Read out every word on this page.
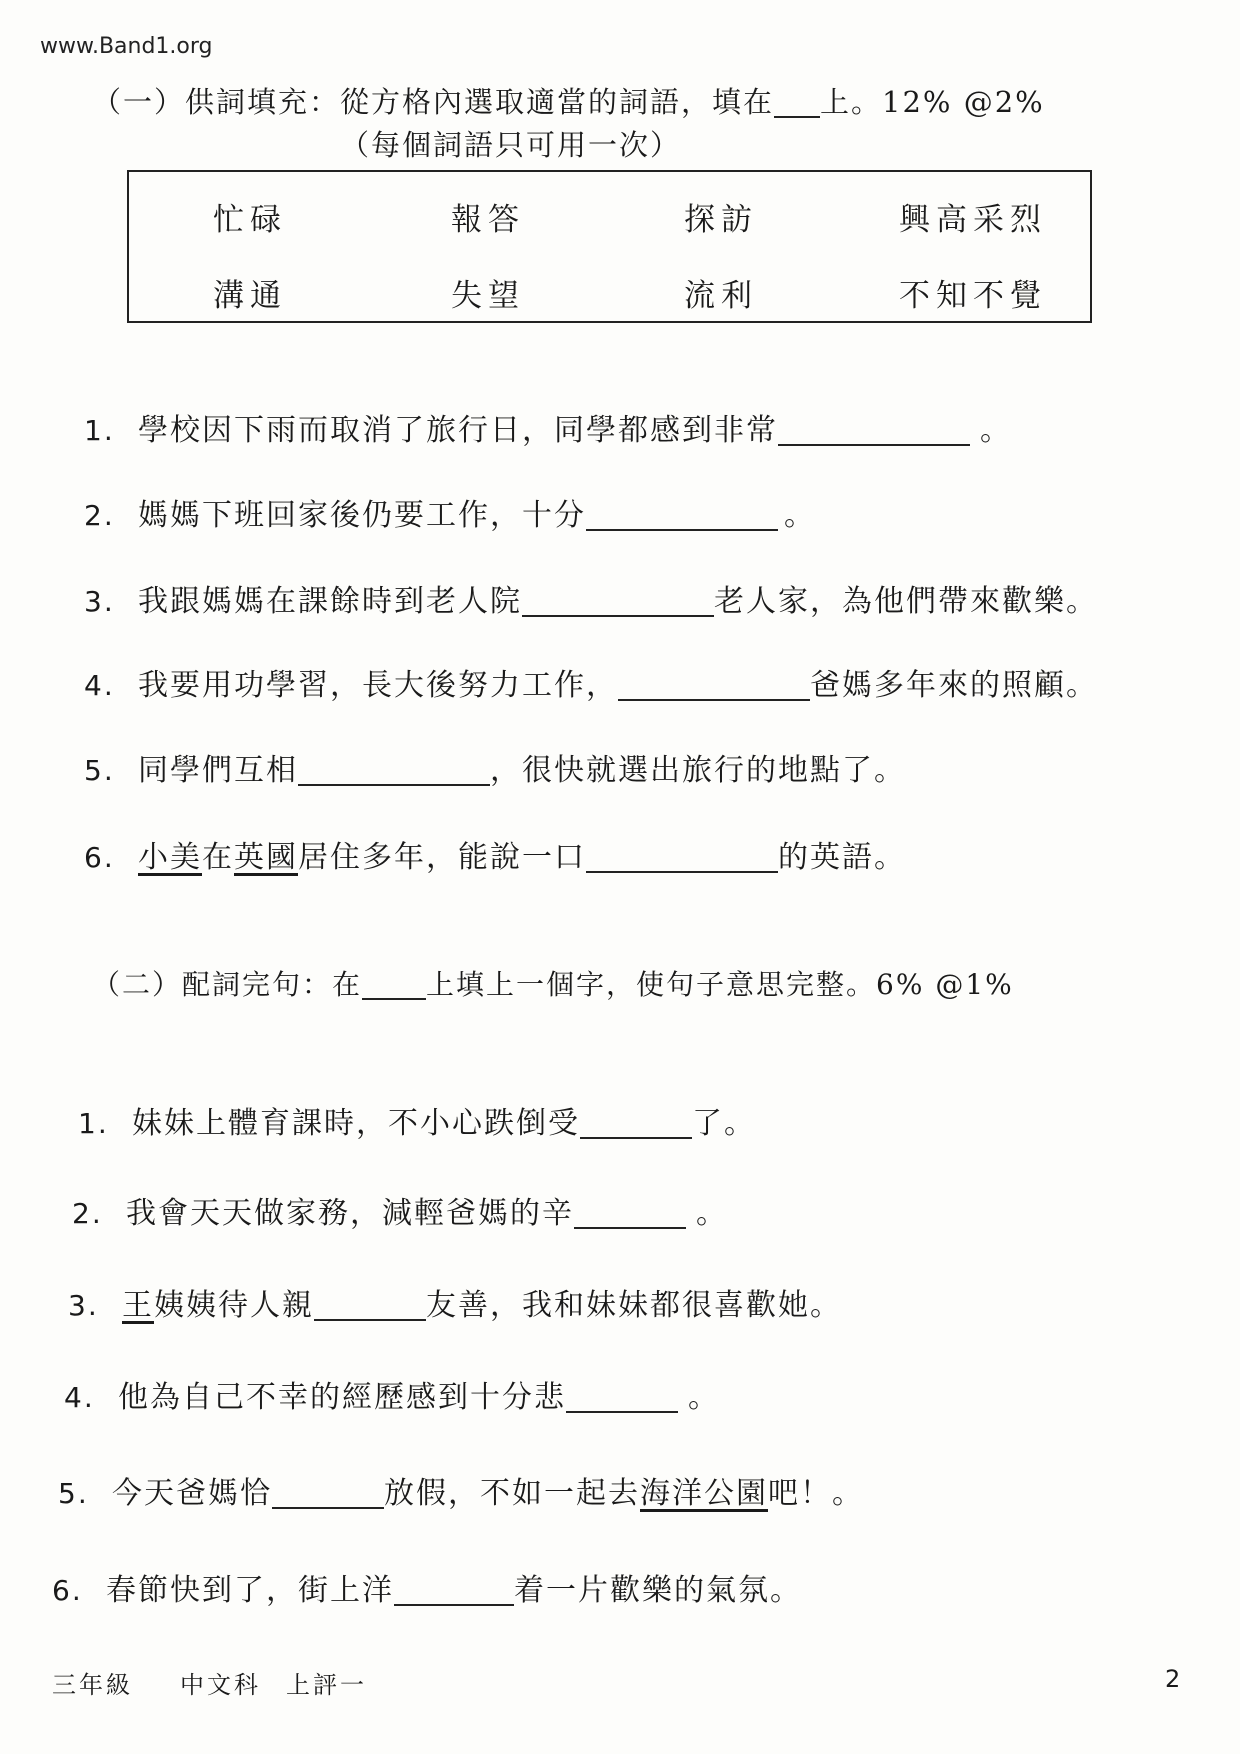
www.Band1.org
（一）供詞填充：從方格內選取適當的詞語，填在 上。12% @2%
（每個詞語只可用一次）
忙碌	報答	探訪	興高采烈
溝通	失望	流利	不知不覺
1. 學校因下雨而取消了旅行日，同學都感到非常	。
2. 媽媽下班回家後仍要工作，十分	。
3. 我跟媽媽在課餘時到老人院	老人家，為他們帶來歡樂。
4. 我要用功學習，長大後努力工作，	爸媽多年來的照顧。
5. 同學們互相	，很快就選出旅行的地點了。
6. 小美在英國居住多年，能說一口	的英語。
（二）配詞完句：在 上填上一個字，使句子意思完整。6% @1%
1. 妹妹上體育課時，不小心跌倒受	了。
2. 我會天天做家務，減輕爸媽的辛	。
3. 王姨姨待人親	友善，我和妹妹都很喜歡她。
4. 他為自己不幸的經歷感到十分悲	。
5. 今天爸媽恰	放假，不如一起去海洋公園吧！。
6. 春節快到了，街上洋	着一片歡樂的氣氛。
三年級 中文科 上評一	2
